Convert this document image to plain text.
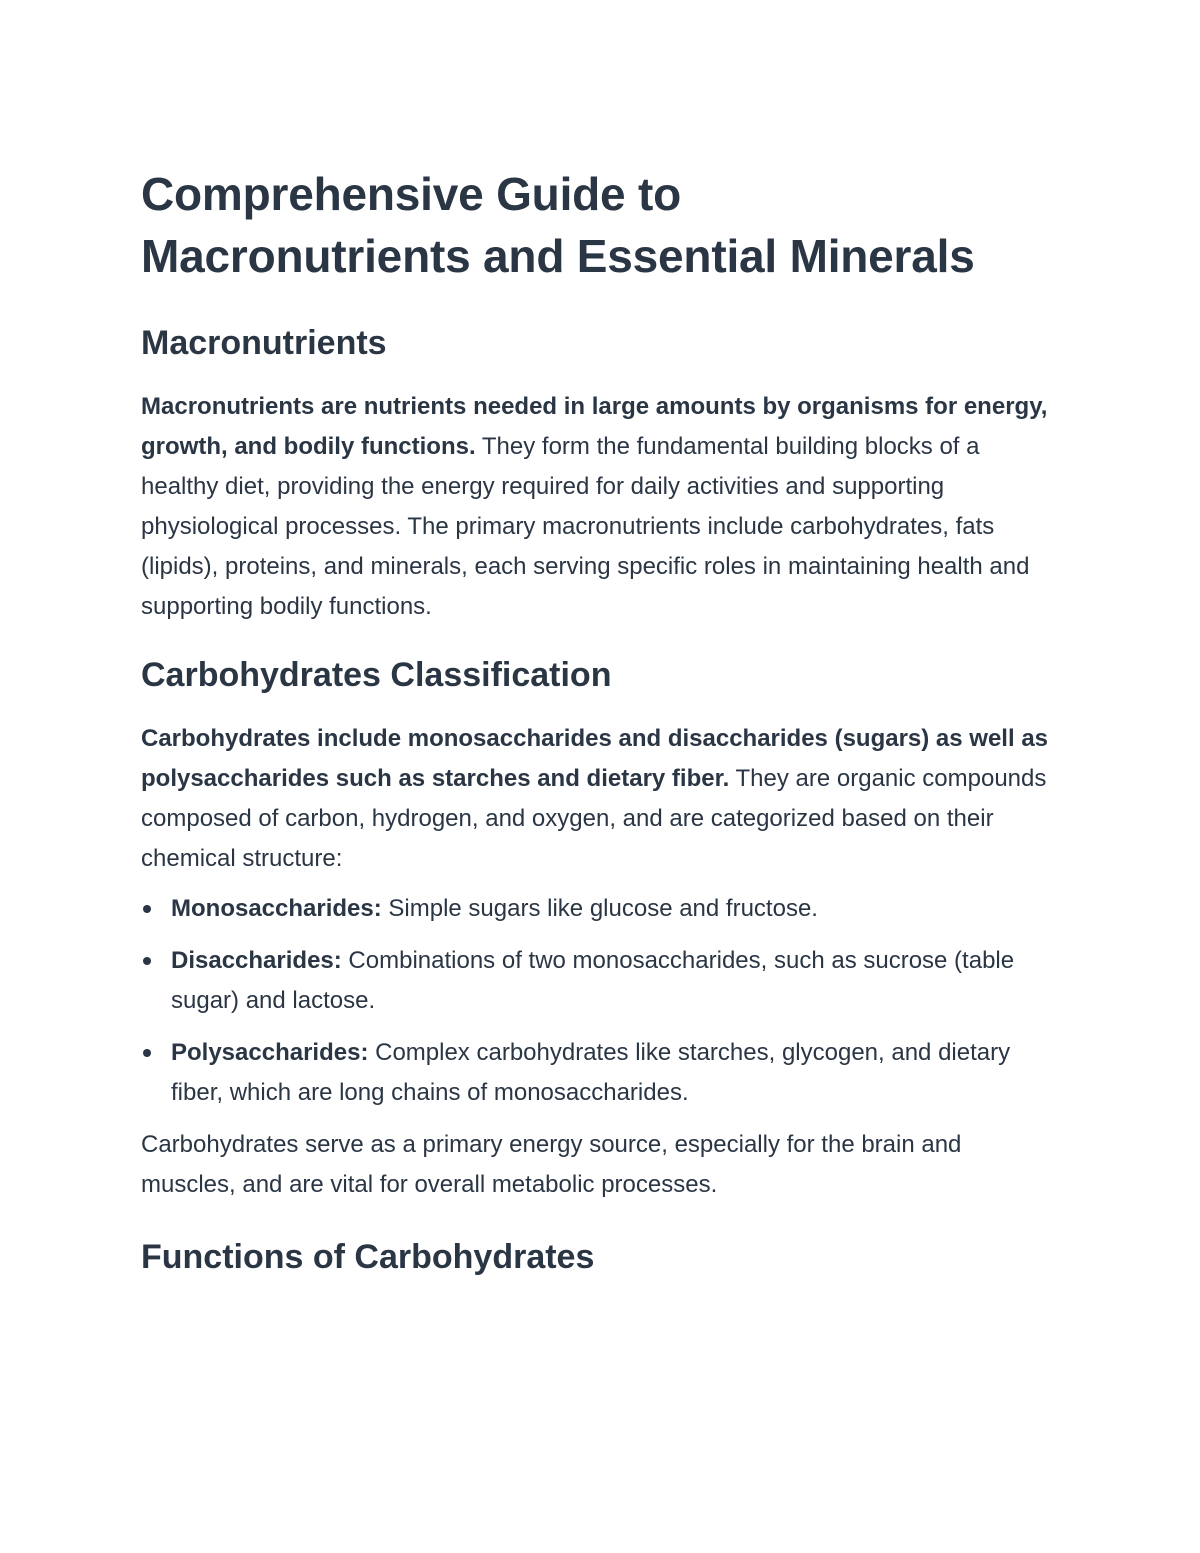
Comprehensive Guide to
Macronutrients and Essential Minerals
Macronutrients

Macronutrients are nutrients needed in large amounts by organisms for energy, growth, and bodily functions. They form the fundamental building blocks of a healthy diet, providing the energy required for daily activities and supporting physiological processes. The primary macronutrients include carbohydrates, fats (lipids), proteins, and minerals, each serving specific roles in maintaining health and supporting bodily functions.

Carbohydrates Classification

Carbohydrates include monosaccharides and disaccharides (sugars) as well as polysaccharides such as starches and dietary fiber. They are organic compounds composed of carbon, hydrogen, and oxygen, and are categorized based on their chemical structure:

Monosaccharides: Simple sugars like glucose and fructose.
Disaccharides: Combinations of two monosaccharides, such as sucrose (table sugar) and lactose.
Polysaccharides: Complex carbohydrates like starches, glycogen, and dietary fiber, which are long chains of monosaccharides.

Carbohydrates serve as a primary energy source, especially for the brain and muscles, and are vital for overall metabolic processes.

Functions of Carbohydrates
